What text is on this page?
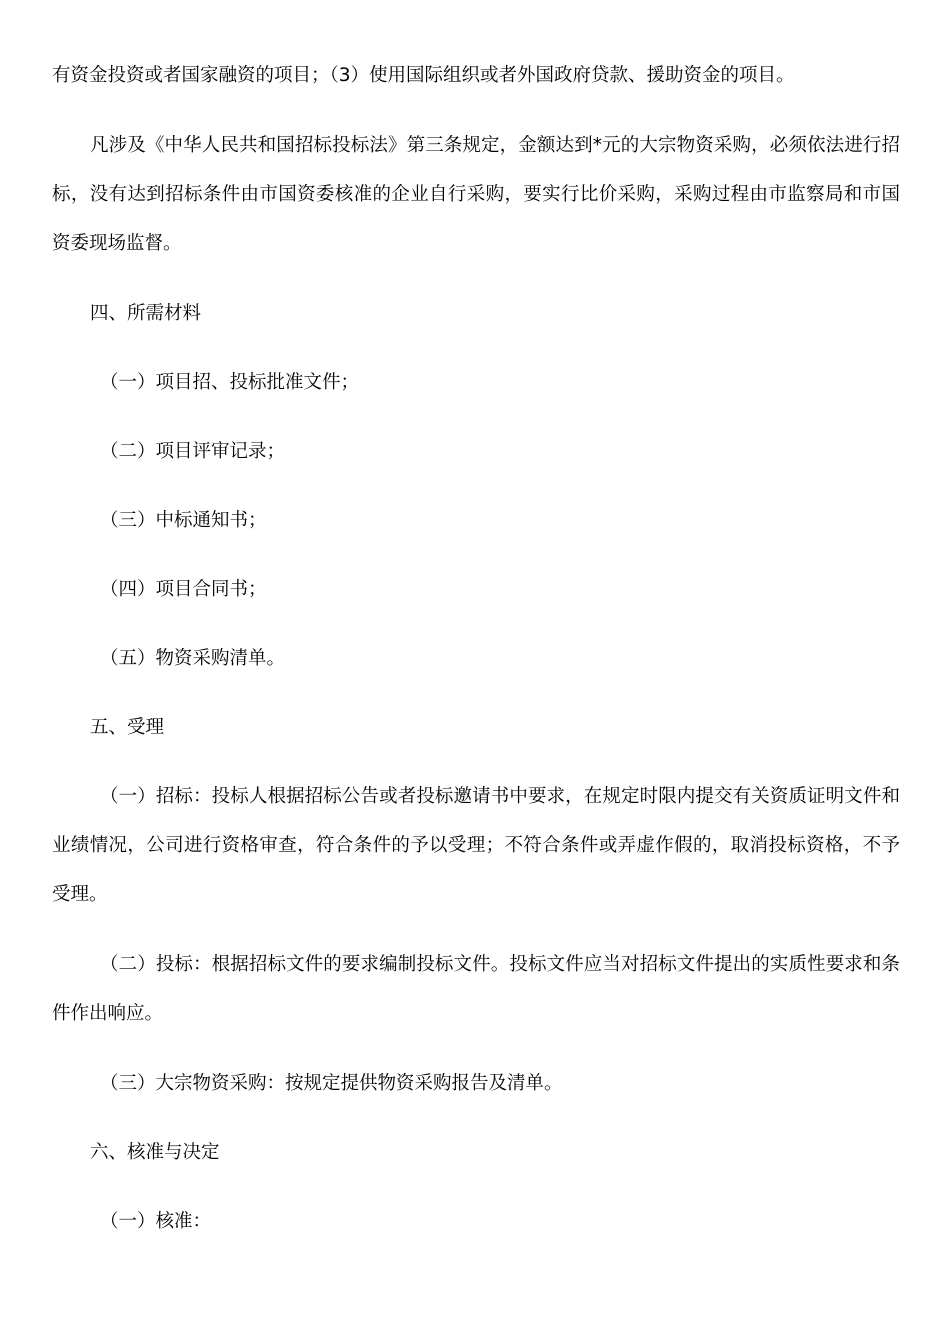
有资金投资或者国家融资的项目；（3）使用国际组织或者外国政府贷款、援助资金的项目。

凡涉及《中华人民共和国招标投标法》第三条规定，金额达到*元的大宗物资采购，必须依法进行招标，没有达到招标条件由市国资委核准的企业自行采购，要实行比价采购，采购过程由市监察局和市国资委现场监督。

四、所需材料

（一）项目招、投标批准文件；

（二）项目评审记录；

（三）中标通知书；

（四）项目合同书；

（五）物资采购清单。

五、受理

（一）招标：投标人根据招标公告或者投标邀请书中要求，在规定时限内提交有关资质证明文件和业绩情况，公司进行资格审查，符合条件的予以受理；不符合条件或弄虚作假的，取消投标资格，不予受理。

（二）投标：根据招标文件的要求编制投标文件。投标文件应当对招标文件提出的实质性要求和条件作出响应。

（三）大宗物资采购：按规定提供物资采购报告及清单。

六、核准与决定

（一）核准：
